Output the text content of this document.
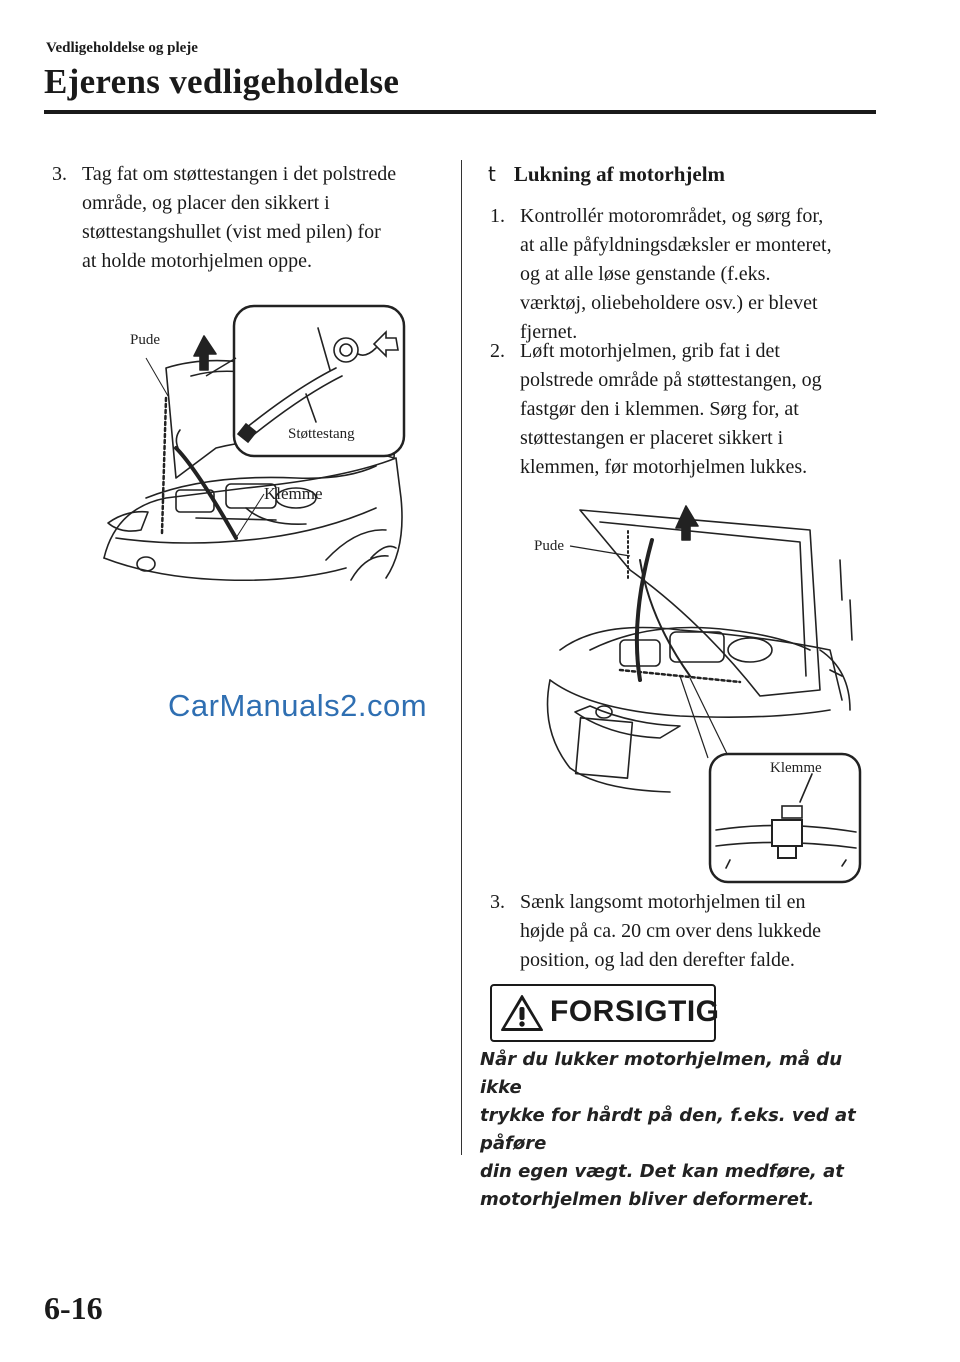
Vedligeholdelse og pleje
Ejerens vedligeholdelse
3. Tag fat om støttestangen i det polstrede
område, og placer den sikkert i
støttestangshullet (vist med pilen) for
at holde motorhjelmen oppe.
Pude
Støttestang
Klemme
CarManuals2.com
t Lukning af motorhjelm
1. Kontrollér motorområdet, og sørg for,
at alle påfyldningsdæksler er monteret,
og at alle løse genstande (f.eks.
værktøj, oliebeholdere osv.) er blevet
fjernet.
2. Løft motorhjelmen, grib fat i det
polstrede område på støttestangen, og
fastgør den i klemmen. Sørg for, at
støttestangen er placeret sikkert i
klemmen, før motorhjelmen lukkes.
Pude
Klemme
3. Sænk langsomt motorhjelmen til en
højde på ca. 20 cm over dens lukkede
position, og lad den derefter falde.
FORSIGTIG
Når du lukker motorhjelmen, må du ikke
trykke for hårdt på den, f.eks. ved at påføre
din egen vægt. Det kan medføre, at
motorhjelmen bliver deformeret.
6-16
